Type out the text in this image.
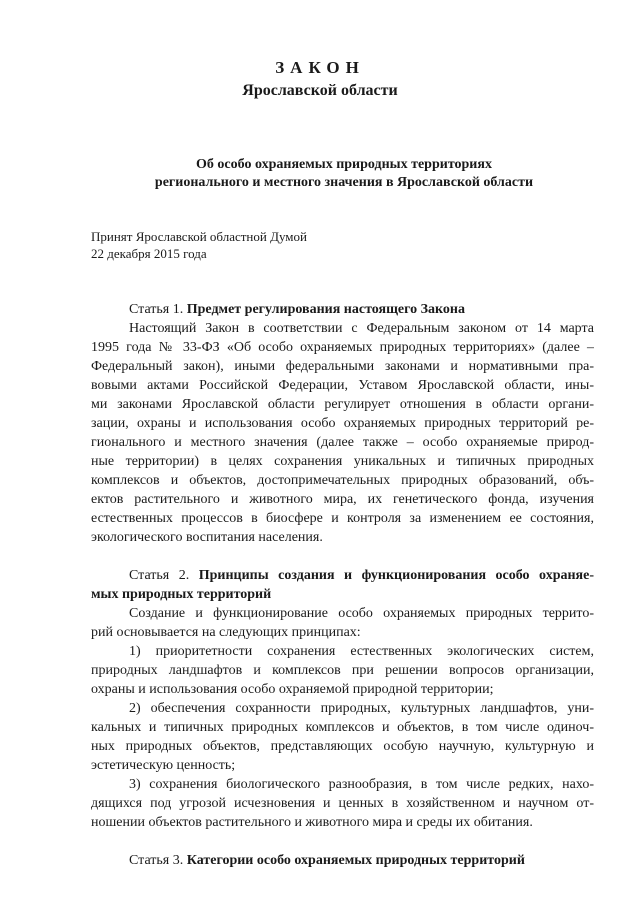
ЗАКОН
Ярославской области
Об особо охраняемых природных территориях
регионального и местного значения в Ярославской области
Принят Ярославской областной Думой
22 декабря 2015 года
Статья 1. Предмет регулирования настоящего Закона
Настоящий Закон в соответствии с Федеральным законом от 14 марта
1995 года № 33-ФЗ «Об особо охраняемых природных территориях» (далее –
Федеральный закон), иными федеральными законами и нормативными пра-
вовыми актами Российской Федерации, Уставом Ярославской области, ины-
ми законами Ярославской области регулирует отношения в области органи-
зации, охраны и использования особо охраняемых природных территорий ре-
гионального и местного значения (далее также – особо охраняемые природ-
ные территории) в целях сохранения уникальных и типичных природных
комплексов и объектов, достопримечательных природных образований, объ-
ектов растительного и животного мира, их генетического фонда, изучения
естественных процессов в биосфере и контроля за изменением ее состояния,
экологического воспитания населения.
Статья 2. Принципы создания и функционирования особо охраняе-
мых природных территорий
Создание и функционирование особо охраняемых природных террито-
рий основывается на следующих принципах:
1) приоритетности сохранения естественных экологических систем,
природных ландшафтов и комплексов при решении вопросов организации,
охраны и использования особо охраняемой природной территории;
2) обеспечения сохранности природных, культурных ландшафтов, уни-
кальных и типичных природных комплексов и объектов, в том числе одиноч-
ных природных объектов, представляющих особую научную, культурную и
эстетическую ценность;
3) сохранения биологического разнообразия, в том числе редких, нахо-
дящихся под угрозой исчезновения и ценных в хозяйственном и научном от-
ношении объектов растительного и животного мира и среды их обитания.
Статья 3. Категории особо охраняемых природных территорий
